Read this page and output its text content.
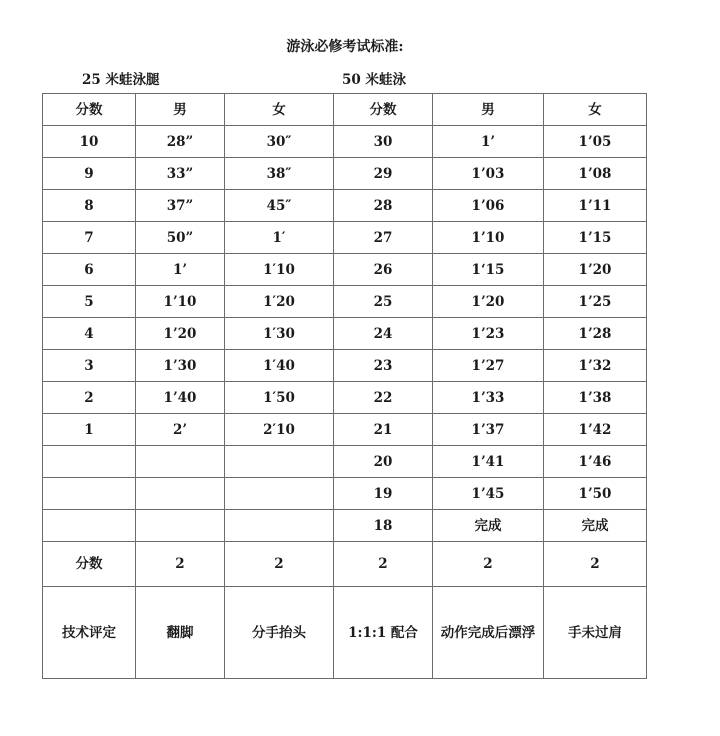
游泳必修考试标准:
25 米蛙泳腿	50 米蛙泳
分数	男	女	分数	男	女
10	28”	30″	30	1’	1’05
9	33”	38″	29	1’03	1’08
8	37”	45″	28	1’06	1’11
7	50”	1′	27	1’10	1’15
6	1’	1′10	26	1‘15	1’20
5	1’10	1′20	25	1’20	1’25
4	1’20	1′30	24	1’23	1’28
3	1’30	1′40	23	1’27	1’32
2	1’40	1′50	22	1’33	1’38
1	2’	2′10	21	1’37	1’42
			20	1’41	1’46
			19	1’45	1’50
			18	完成	完成
分数	2	2	2	2	2
技术评定	翻脚	分手抬头	1:1:1 配合	动作完成后漂浮	手未过肩
